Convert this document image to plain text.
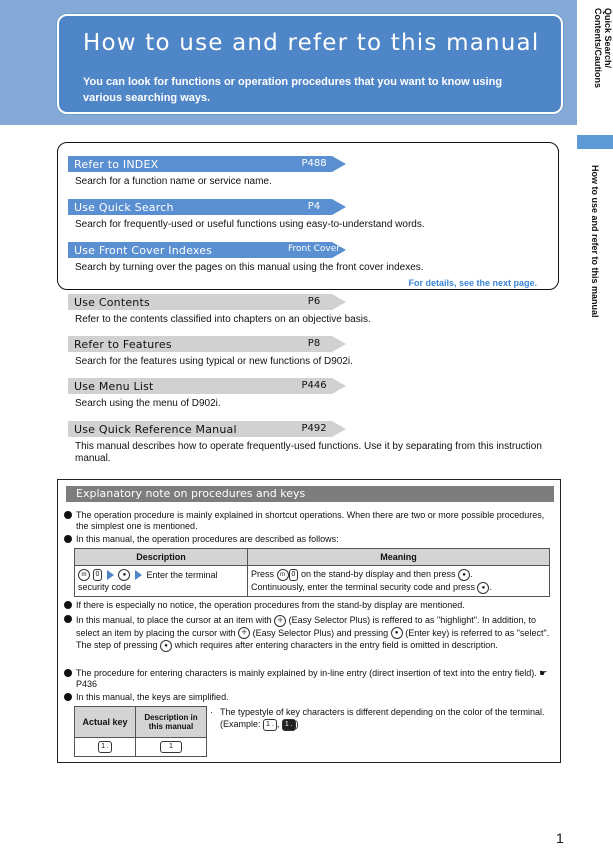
How to use and refer to this manual
You can look for functions or operation procedures that you want to know using various searching ways.
Quick Search/
Contents/Cautions
How to use and refer to this manual
For details, see the next page.
Refer to INDEX	P488
Search for a function name or service name.
Use Quick Search	P4
Search for frequently-used or useful functions using easy-to-understand words.
Use Front Cover Indexes	Front Cover
Search by turning over the pages on this manual using the front cover indexes.
Use Contents	P6
Refer to the contents classified into chapters on an objective basis.
Refer to Features	P8
Search for the features using typical or new functions of D902i.
Use Menu List	P446
Search using the menu of D902i.
Use Quick Reference Manual	P492
This manual describes how to operate frequently-used functions. Use it by separating from this instruction manual.
Explanatory note on procedures and keys
The operation procedure is mainly explained in shortcut operations. When there are two or more possible procedures, the simplest one is mentioned.
In this manual, the operation procedures are described as follows:
Description	Meaning
m 0 ● Enter the terminal security code	Press m 0 on the stand-by display and then press ● .
Continuously, enter the terminal security code and press ● .
If there is especially no notice, the operation procedures from the stand-by display are mentioned.
In this manual, to place the cursor at an item with ✢ (Easy Selector Plus) is reffered to as "highlight". In addition, to select an item by placing the cursor with ✢ (Easy Selector Plus) and pressing ● (Enter key) is referred to as "select".
The step of pressing ● which requires after entering characters in the entry field is omitted in description.
The procedure for entering characters is mainly explained by in-line entry (direct insertion of text into the entry field). ☛P436
In this manual, the keys are simplified.
Actual key	Description in this manual
1 .	1
· The typestyle of key characters is different depending on the color of the terminal. (Example: 1 . , 1 . )
1
